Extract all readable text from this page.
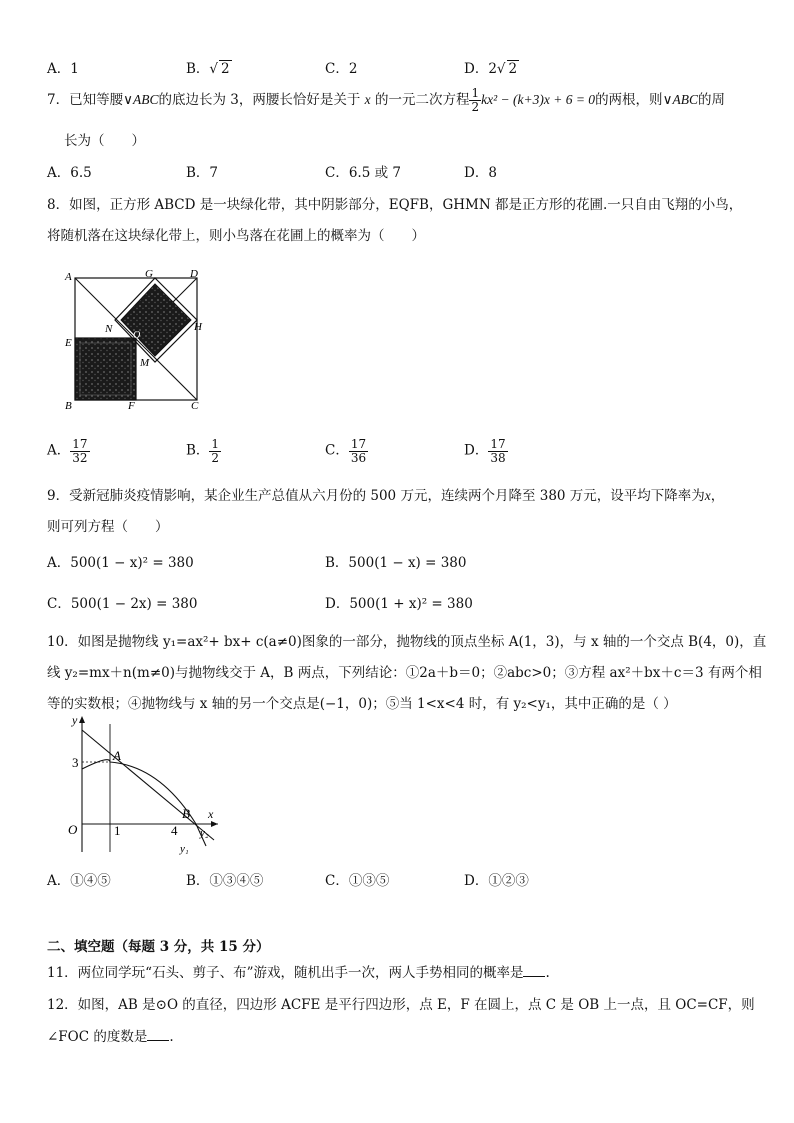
A．1	B．√ 2	C．2	D．2√ 2
7．已知等腰∨ABC的底边长为 3，两腰长恰好是关于 x 的一元二次方程 $\frac{1}{2} kx^2 - (k+3)x + 6 = 0$的两根，则∨ABC的周
长为（　　）
A．6.5	B．7	C．6.5 或 7	D．8
8．如图，正方形 ABCD 是一块绿化带，其中阴影部分，EQFB，GHMN 都是正方形的花圃.一只自由飞翔的小鸟，
将随机落在这块绿化带上，则小鸟落在花圃上的概率为（　　）
A	G	D
N	H
Q
E
M
B	F	C
A． $\frac{17}{32}$	B． $\frac{1}{2}$	C． $\frac{17}{36}$	D． $\frac{17}{38}$
9．受新冠肺炎疫情影响，某企业生产总值从六月份的 500 万元，连续两个月降至 380 万元，设平均下降率为x，
则可列方程（　　）
A．500(1 − x)² = 380	B．500(1 − x) = 380
C．500(1 − 2x) = 380	D．500(1 + x)² = 380
10．如图是抛物线 y₁=ax²+ bx+ c(a≠0)图象的一部分，抛物线的顶点坐标 A(1，3)，与 x 轴的一个交点 B(4，0)，直
线 y₂=mx＋n(m≠0)与抛物线交于 A，B 两点，下列结论：①2a＋b＝0；②abc>0；③方程 ax²＋bx＋c＝3 有两个相
等的实数根；④抛物线与 x 轴的另一个交点是(−1，0)；⑤当 1<x<4 时，有 y₂<y₁，其中正确的是（ ）
y
x
3	A
B
O	1	4 y₂
y₁
A．①④⑤	B．①③④⑤	C．①③⑤	D．①②③
二、填空题（每题 3 分，共 15 分）
11．两位同学玩“石头、剪子、布”游戏，随机出手一次，两人手势相同的概率是 .
12．如图，AB 是⊙O 的直径，四边形 ACFE 是平行四边形，点 E，F 在圆上，点 C 是 OB 上一点，且 OC=CF，则
∠FOC 的度数是 .
